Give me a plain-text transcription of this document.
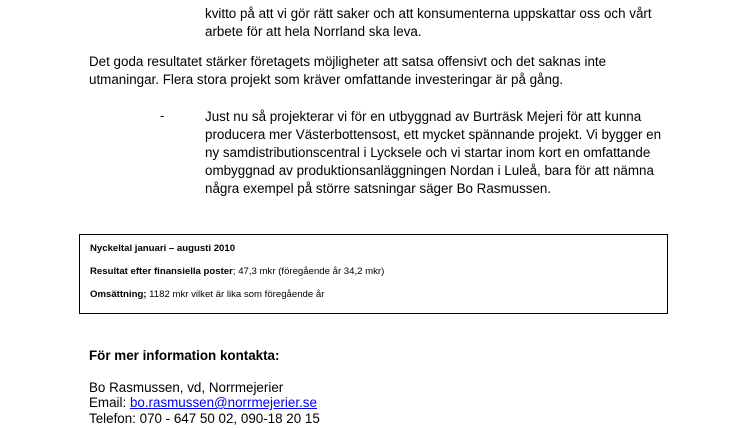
kvitto på att vi gör rätt saker och att konsumenterna uppskattar oss och vårt
arbete för att hela Norrland ska leva.
Det goda resultatet stärker företagets möjligheter att satsa offensivt och det saknas inte
utmaningar. Flera stora projekt som kräver omfattande investeringar är på gång.
-	Just nu så projekterar vi för en utbyggnad av Burträsk Mejeri för att kunna
producera mer Västerbottensost, ett mycket spännande projekt. Vi bygger en
ny samdistributionscentral i Lycksele och vi startar inom kort en omfattande
ombyggnad av produktionsanläggningen Nordan i Luleå, bara för att nämna
några exempel på större satsningar säger Bo Rasmussen.
Nyckeltal januari – augusti 2010
Resultat efter finansiella poster; 47,3 mkr (föregående år 34,2 mkr)
Omsättning; 1182 mkr vilket är lika som föregående år
För mer information kontakta:
Bo Rasmussen, vd, Norrmejerier
Email: bo.rasmussen@norrmejerier.se
Telefon: 070 - 647 50 02, 090-18 20 15
